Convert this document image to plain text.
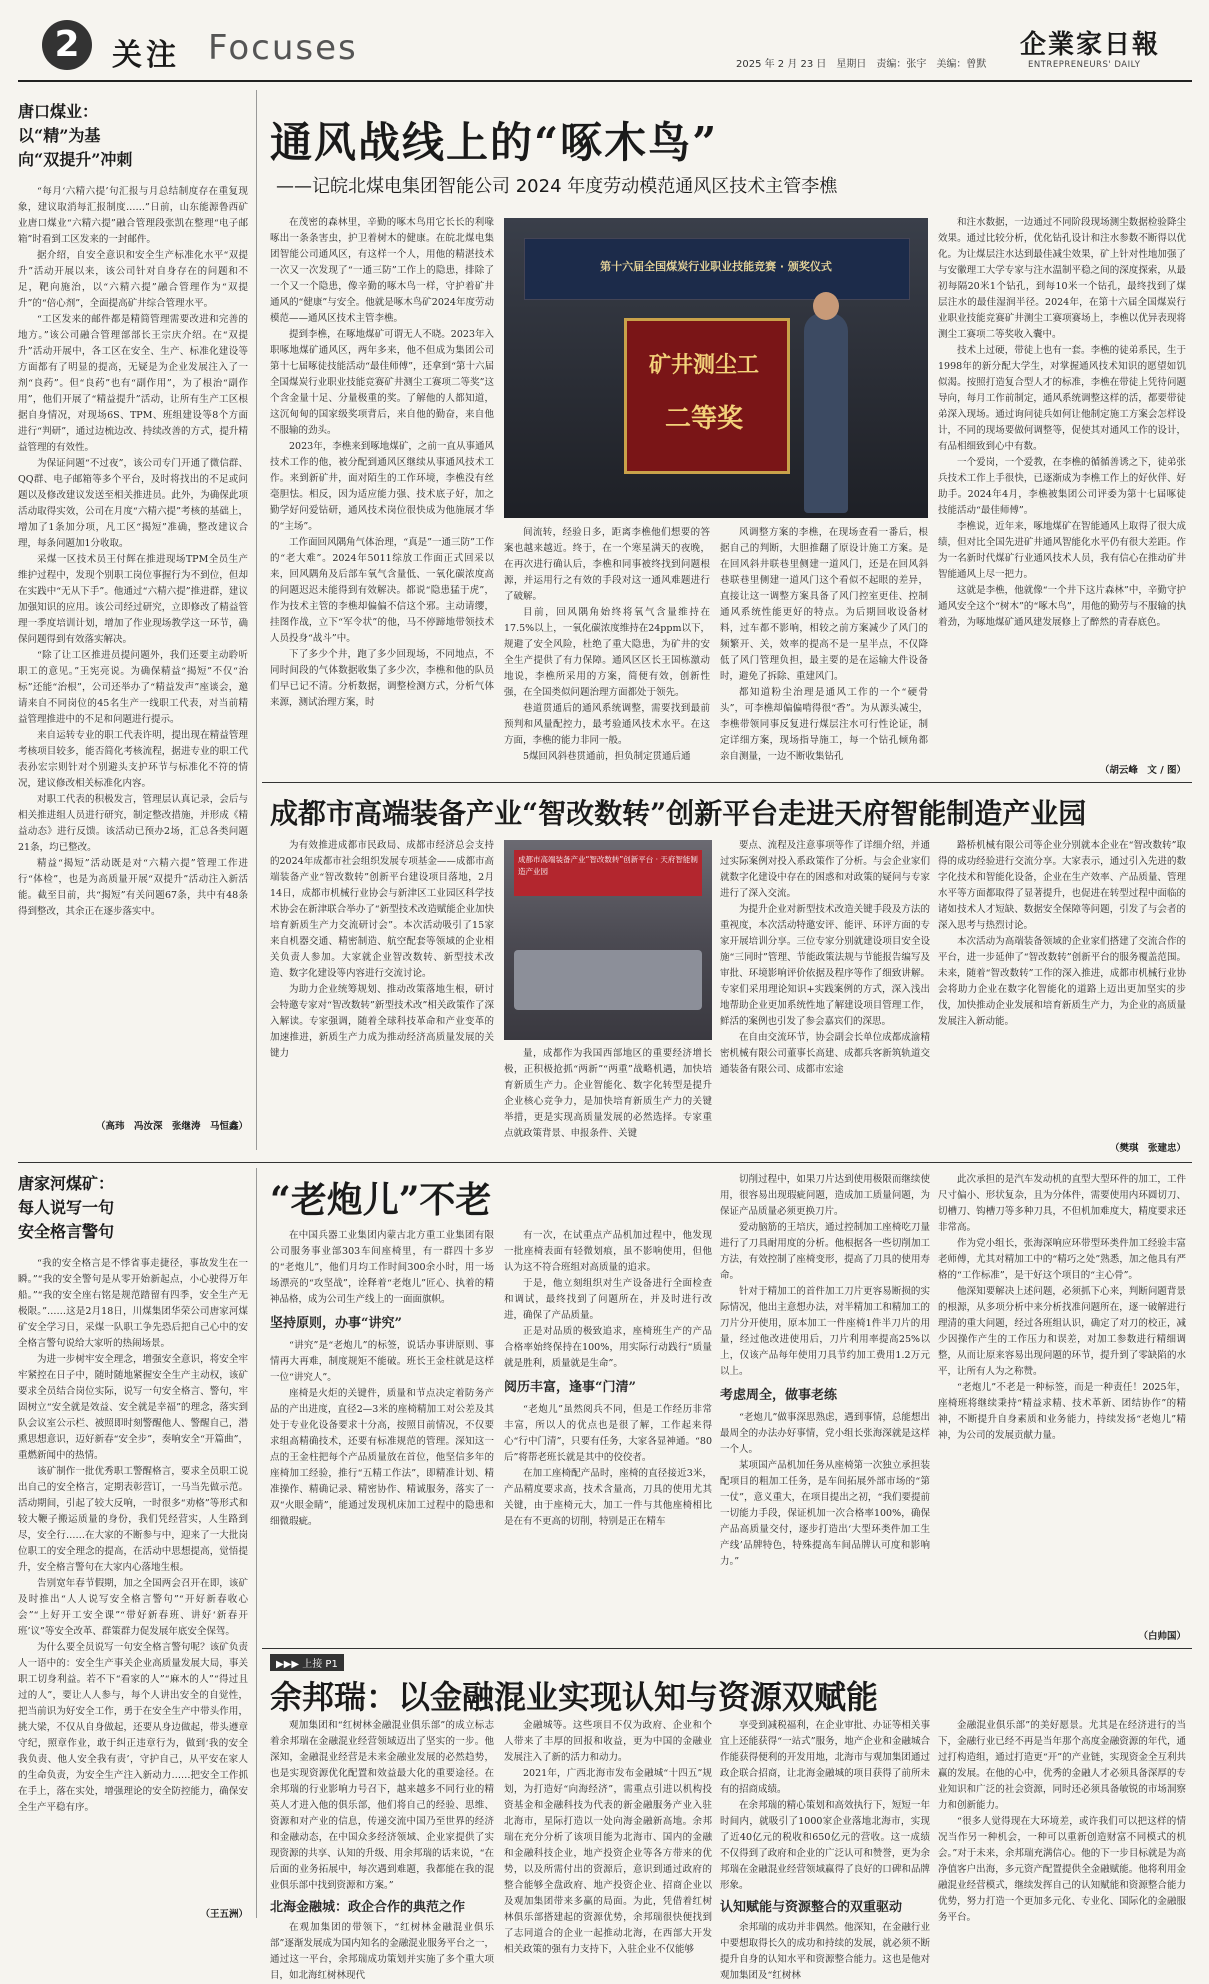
2	关注 Focuses	2025 年 2 月 23 日　星期日　责编：张宇　美编：曾默
企業家日報
ENTREPRENEURS' DAILY
唐口煤业：
以“精”为基
向“双提升”冲刺

“每月‘六精六提’句汇报与月总结制度存在重复现象，建议取消每汇报制度……”日前，山东能源鲁西矿业唐口煤业“六精六提”融合管理段张凯在整理“电子邮箱”时看到工区发来的一封邮件。

据介绍，自安全意识和安全生产标准化水平“双提升”活动开展以来，该公司针对自身存在的问题和不足，靶向施治，以“六精六提”融合管理作为“双提升”的“倍心剂”，全面提高矿井综合管理水平。

“工区发来的邮件都是精简管理需要改进和完善的地方。”该公司融合管理部部长王宗庆介绍。在“双提升”活动开展中，各工区在安全、生产、标准化建设等方面都有了明显的提高，无疑是为企业发展注入了一剂“良药”。但“良药”也有“副作用”，为了根治“副作用”，他们开展了“精益提升”活动，让所有生产工区根据自身情况，对现场6S、TPM、班组建设等8个方面进行“判研”，通过边梳边改、持续改善的方式，提升精益管理的有效性。

为保证问题“不过夜”，该公司专门开通了微信群、QQ群、电子邮箱等多个平台，及时将找出的不足或问题以及修改建议发送至相关推进员。此外，为确保此项活动取得实效，公司在月度“六精六提”考核的基础上，增加了1条加分项，凡工区“揭短”准确，整改建议合理，每条问题加1分收取。

采煤一区技术员王付辉在推进现场TPM全员生产维护过程中，发现个别职工岗位事握行为不到位，但却在实践中“无从下手”。他通过“六精六提”推进群，建议加强知识的应用。该公司经过研究，立即修改了精益管理一季度培训计划，增加了作业现场教学这一环节，确保问题得到有效落实解决。

“除了让工区推进员提问题外，我们还要主动聆听职工的意见。”王宪亮说。为确保精益“揭短”不仅“治标”还能“治根”，公司还举办了“精益发声”座谈会，邀请来自不同岗位的45名生产一线职工代表，对当前精益管理推进中的不足和问题进行提示。

来自运转专业的职工代表许明，提出现在精益管理考核项目较多，能否简化考核流程，据进专业的职工代表孙宏宗则针对个别避头支护环节与标准化不符的情况，建议修改相关标准化内容。

对职工代表的积极发言，管理层认真记录，会后与相关推进组人员进行研究，制定整改措施，并形成《精益动态》进行反馈。该活动已预办2场，汇总各类问题21条，均已整改。

精益“揭短”活动既是对“六精六提”管理工作进行“体检”，也是为高质量开展“双提升”活动注入新活能。截至目前，共“揭短”有关问题67条，共中有48条得到整改，其余正在逐步落实中。

（高玮　冯汝深　张继涛　马恒鑫）
通风战线上的“啄木鸟”
——记皖北煤电集团智能公司 2024 年度劳动模范通风区技术主管李樵

在茂密的森林里，辛勤的啄木鸟用它长长的利喙啄出一条条害虫，护卫着树木的健康。在皖北煤电集团智能公司通风区，有这样一个人，用他的精湛技术一次又一次发现了“一通三防”工作上的隐患，排除了一个又一个隐患，像辛勤的啄木鸟一样，守护着矿井通风的“健康”与安全。他就是啄木鸟矿2024年度劳动模范——通风区技术主管李樵。

提到李樵，在啄地煤矿可谓无人不晓。2023年入职啄地煤矿通风区，两年多来，他不但成为集团公司第十七届啄徒技能活动“最佳师傅”，还拿到“第十六届全国煤炭行业职业技能竞赛矿井测尘工赛项二等奖”这个含金量十足、分量极重的奖。了解他的人都知道，这沉甸甸的国家级奖项背后，来自他的勤奋，来自他不服输的劲头。

2023年，李樵来到啄地煤矿，之前一直从事通风技术工作的他，被分配到通风区继续从事通风技术工作。来到新矿井，面对陌生的工作环境，李樵没有丝毫胆怯。相反，因为适应能力强、技术底子好，加之勤学好问爱钻研，通风技术岗位很快成为他施展才华的“主场”。

工作面回风隅角气体治理，“真是”一通三防”工作的“老大难”。2024年5011综放工作面正式回采以来，回风隅角及后部车氧气含量低、一氧化碳浓度高的问题迟迟未能得到有效解决。都说“隐患猛于虎”，作为技术主管的李樵却偏偏不信这个邪。主动请缨，挂图作战，立下“军令状”的他，马不停蹄地带领技术人员投身“战斗”中。

下了多少个井，跑了多少回现场，不同地点，不同时间段的气体数据收集了多少次，李樵和他的队员们早已记不清。分析数据，调整检测方式，分析气体来源，测试治理方案，时

第十六届全国煤炭行业职业技能竞赛 · 颁奖仪式
矿井测尘工
二等奖

间流转，经验日多，距离李樵他们想要的答案也越来越近。终于，在一个寒星满天的夜晚，在再次进行确认后，李樵和同事被终找到问题根源，并运用行之有效的手段对这一通风难题进行了破解。

目前，回风隅角始终将氧气含量维持在17.5%以上，一氧化碳浓度维持在24ppm以下，规避了安全风险，杜绝了重大隐患，为矿井的安全生产提供了有力保障。通风区区长王国栋激动地说，李樵所采用的方案，简便有效，创新性强，在全国类似问题治理方面都处于领先。

巷道贯通后的通风系统调整，需要找到最前预判和风量配控力，最考验通风技术水平。在这方面，李樵的能力非同一般。

5煤回风斜巷贯通前，担负制定贯通后通

风调整方案的李樵，在现场查看一番后，根据自己的判断，大胆推翻了原设计施工方案。是在回风斜井联巷里侧建一道风门，还是在回风斜巷联巷里侧建一道风门这个看似不起眼的差异，直接让这一调整方案具备了风门控室更佳、控制通风系统性能更好的特点。为后期回收设备材料，过车都不影响，相较之前方案减少了风门的频繁开、关，效率的提高不是一星半点，不仅降低了风门管理负担，最主要的是在运输大件设备时，避免了拆除、重建风门。

都知道粉尘治理是通风工作的一个“硬骨头”，可李樵却偏偏啃得很“香”。为从源头减尘，李樵带领同事反复进行煤层注水可行性论证，制定详细方案，现场指导施工，每一个钻孔倾角都亲自测量，一边不断收集钻孔

和注水数据，一边通过不同阶段现场测尘数据检验降尘效果。通过比较分析，优化钻孔设计和注水参数不断得以优化。为让煤层注水达到最佳减尘效果，矿上针对性地加强了与安徽理工大学专家与注水温制平稳之间的深度探索，从最初每隔20米1个钻孔，到每10米一个钻孔，最终找到了煤层注水的最佳湿润半径。2024年，在第十六届全国煤炭行业职业技能竞赛矿井测尘工赛项赛场上，李樵以优异表现将测尘工赛项二等奖收入囊中。

技术上过硬，带徒上也有一套。李樵的徒弟系民，生于1998年的新分配大学生，对掌握通风技术知识的愿望如饥似渴。按照打造复合型人才的标准，李樵在带徒上凭待问题导向，每月工作前制定，通风系统调整这样的活，都要带徒弟深入现场。通过询问徒兵如何让他制定施工方案会怎样设计，不同的现场要做何调整等，促使其对通风工作的设计，有品相细致到心中有数。

一个爱岗，一个爱教，在李樵的循循善诱之下，徒弟张兵技术工作上手很快，已逐渐成为李樵工作上的好伙伴、好助手。2024年4月，李樵被集团公司评委为第十七届啄徒技能活动“最佳师傅”。

李樵说，近年来，啄地煤矿在智能通风上取得了很大成绩，但对比全国先进矿井通风智能化水平仍有很大差距。作为一名新时代煤矿行业通风技术人员，我有信心在推动矿井智能通风上尽一把力。

这就是李樵，他就像“一个井下这片森林”中，辛勤守护通风安全这个“树木”的“啄木鸟”，用他的勤劳与不服输的执着劲，为啄地煤矿通风建发展修上了醉然的青春底色。

（胡云峰　文 / 图）
成都市高端装备产业“智改数转”创新平台走进天府智能制造产业园

为有效推进成都市民政局、成都市经济总会支持的2024年成都市社会组织发展专项基金——成都市高端装备产业“智改数转”创新平台建设项目落地，2月14日，成都市机械行业协会与新津区工业园区科学技术协会在新津联合举办了“新型技术改造赋能企业加快培育新质生产力交流研讨会”。本次活动吸引了15家来自机器交通、精密制造、航空配套等领域的企业相关负责人参加。大家就企业智改数转、新型技术改造、数字化建设等内容进行交流讨论。

为助力企业统筹规划、推动改策落地生根，研讨会特邀专家对“智改数转”新型技术改”相关政策作了深入解读。专家强调，随着全球科技革命和产业变革的加速推进，新质生产力成为推动经济高质量发展的关键力

成都市高端装备产业“智改数转”创新平台 · 天府智能制造产业园

量，成都作为我国西部地区的重要经济增长极，正积极抢抓“两新”“两重”战略机遇，加快培育新质生产力。企业智能化、数字化转型是提升企业核心竞争力，是加快培育新质生产力的关键举措，更是实现高质量发展的必然选择。专家重点就政策背景、申报条件、关键

要点、流程及注意事项等作了详细介绍，并通过实际案例对投入系政策作了分析。与会企业家们就数字化建设中存在的困惑和对政策的疑问与专家进行了深入交流。

为提升企业对新型技术改造关键手段及方法的重视度，本次活动特邀安评、能评、环评方面的专家开展培训分享。三位专家分别就建设项目安全设施“三同时”管理、节能政策法规与节能报告编写及审批、环境影响评价依据及程序等作了细致讲解。专家们采用理论知识+实践案例的方式，深入浅出地帮助企业更加系统性地了解建设项目管理工作，鲜活的案例也引发了参会嘉宾们的深思。

在自由交流环节，协会副会长单位成都成渝精密机械有限公司董事长高建、成都兵客新筑轨道交通装备有限公司、成都市宏途

路桥机械有限公司等企业分别就本企业在“智改数转”取得的成功经验进行交流分享。大家表示，通过引入先进的数字化技术和智能化设备，企业在生产效率、产品质量、管理水平等方面都取得了显著提升，也促进在转型过程中面临的诸如技术人才短缺、数据安全保障等问题，引发了与会者的深入思考与热烈讨论。

本次活动为高端装备领域的企业家们搭建了交流合作的平台，进一步延伸了“智改数转”创新平台的服务覆盖范围。未来，随着“智改数转”工作的深入推进，成都市机械行业协会将助力企业在数字化智能化的道路上迈出更加坚实的步伐，加快推动企业发展和培育新质生产力，为企业的高质量发展注入新动能。

（樊琪　张建忠）
唐家河煤矿：
每人说写一句
安全格言警句

“我的安全格言是不悸省事走捷径，事故发生在一瞬。”“我的安全警句是从零开始新起点，小心驶得万年船。”“我的安全座右铭是规范踏留有四季，安全生产无极限。”……这是2月18日，川煤集团华荣公司唐家河煤矿安全学习日，采煤一队职工争先恐后把自己心中的安全格言警句说给大家听的热闹场景。

为进一步树牢安全理念，增强安全意识，将安全牢牢紧控在日子中，随时随地紧握安全生产主动权，该矿要求全员结合岗位实际，说写一句安全格言、警句，牢固树立“安全就是效益、安全就是幸福”的理念，落实到队会议室公示栏、被照即时刻警醒他人、警醒自己，潜熏思想意识，迈好新春“安全步”，奏响安全“开篇曲”，重燃新闻中的热情。

该矿制作一批优秀职工警醒格言，要求全员职工说出自己的安全格言，定期表彰营订，一马当先做示范。活动期间，引起了较大反响，一时很多“劝格”等形式和较大鞭子搬运质量的身份，我们凭经营实，人生路到尽，安全行……在大家的不断参与中，迎来了一大批岗位职工的安全理念的提高，在活动中思想提高，觉悟提升，安全格言警句在大家内心落地生根。

告别宽年春节假期，加之全国两会召开在即，该矿及时推出“人人说写安全格言警句”“开好新春收心会”“上好开工安全课”“带好新春班、讲好‘新春开班’议”等安全改革、群策群力促发展年底安全保驾。

为什么要全员说写一句安全格言警句呢？该矿负责人一语中的：安全生产事关企业高质量发展大局，事关职工切身利益。若不下“看家的人”“麻木的人”“得过且过的人”，要让人人参与，每个人讲出安全的自觉性，把当前识为好安全工作，勇于在安全生产中带头作用，挑大梁，不仅从自身做起，还要从身边做起，带头遵章守纪，照章作业，敢于纠正违章行为，做到‘我的安全我负责、他人安全我有责’，守护自己，从平安在家人的生命负责，为安全生产注入新动力……把安全工作抓在手上，落在实处，增强理论的安全防控能力，确保安全生产平稳有序。

（王五洲）
“老炮儿”不老

在中国兵器工业集团内蒙古北方重工业集团有限公司服务事业部303车间座椅里，有一群四十多岁的“老炮儿”，他们月均工作时间300余小时，用一场场漂亮的“攻坚战”，诠释着“老炮儿”匠心、执着的精神品格，成为公司生产线上的一面面旗帜。

坚持原则，办事“讲究”

“讲究”是“老炮儿”的标签，说话办事讲原则、事情再大再难，制度规矩不能破。班长王金柱就是这样一位“讲究人”。

座椅是火炬的关键件，质量和节点决定着防务产品的产出进度，直径2—3米的座椅精加工对公差及其处于专业化设备要求十分高，按照目前情况，不仅要求组高精确技术，还要有标准规范的管理。深知这一点的王金柱把每个产品质量放在首位，他坚信多年的座椅加工经验，推行“五精工作法”，即精准计划、精准操作、精确记录、精密协作、精诚服务，落实了一双“火眼金睛”，能通过发现机床加工过程中的隐患和细微瑕疵。

有一次，在试重点产品机加过程中，他发现一批座椅表面有轻微划痕，虽不影响使用，但他认为这不符合班组对高质量的追求。

于是，他立刻组织对生产设备进行全面检查和调试，最终找到了问题所在，并及时进行改进，确保了产品质量。

正是对品质的极致追求，座椅班生产的产品合格率始终保持在100%，用实际行动践行“质量就是胜利，质量就是生命”。

阅历丰富，逢事“门清”

“老炮儿”虽然阅兵不同，但是工作经历非常丰富，所以人的优点也是很了解，工作起来得心“行中门清”，只要有任务，大家各显神通。“80后”将帮老班长就是其中的佼佼者。

在加工座椅配产品时，座椅的直径接近3米，产品精度要求高，技术含量高，刀具的使用尤其关键，由于座椅元大，加工一件与其他座椅相比是在有不更高的切削，特别是正在精车

切削过程中，如果刀片达到使用极限而继续使用，很容易出现瑕疵问题，造成加工质量问题，为保证产品质量必须更换刀片。

爱动脑筋的王培庆，通过控制加工座椅吃刀量进行了刀具耐用度的分析。他根据各一些切削加工方法，有效控制了座椅变形，提高了刀具的使用寿命。

针对于精加工的首件加工刀片更容易断损的实际情况，他出主意想办法，对半精加工和精加工的刀片分开使用，原本加工一件座椅1件半刀片的用量，经过他改进使用后，刀片利用率提高25%以上，仅该产品每年使用刀具节约加工费用1.2万元以上。

考虑周全，做事老练

“老炮儿”做事深思熟虑，遇到事情，总能想出最周全的办法办好事情，党小组长张海深就是这样一个人。

某项国产品机加任务从座椅第一次独立承担装配项目的粗加工任务，是车间拓展外部市场的“第一仗”，意义重大，在项目提出之初，“我们要提前一切能力手段，保证机加一次合格率100%，确保产品高质量交付，逐步打造出‘大型环类件加工生产线’品牌特色，特殊提高车间品牌认可度和影响力。”

此次承担的是汽车发动机的直型大型环件的加工，工件尺寸偏小、形状复杂，且为分体件，需要使用内环圆切刀、切槽刀、钩槽刀等多种刀具，不但机加难度大，精度要求还非常高。

作为党小组长，张海深响应环带型环类件加工经验丰富老师傅，尤其对精加工中的“精巧之处”熟悉，加之他具有严格的“工作标准”，是干好这个项目的“主心骨”。

他深知要解决上述问题，必须抓下心来，判断问题背景的根源，从多项分析中来分析找准问题所在，逐一破解进行理清的重大问题，经过各班组认识，确定了对刀的校正，减少因操作产生的工作压力和误差，对加工参数进行精细调整，从而让原来容易出现问题的环节，提升到了零缺陷的水平，让所有人为之称赞。

“老炮儿”不老是一种标签，而是一种责任！2025年，座椅班将继续秉持“精益求精、技术革新、团结协作”的精神，不断提升自身素质和业务能力，持续发扬“老炮儿”精神，为公司的发展贡献力量。

（白帅国）
▶▶▶ 上接 P1
余邦瑞：以金融混业实现认知与资源双赋能

观加集团和“红树林金融混业俱乐部”的成立标志着余邦瑞在金融混业经营领域迈出了坚实的一步。他深知，金融混业经营是未来金融业发展的必然趋势，也是实现资源优化配置和效益最大化的重要途径。在余邦瑞的行业影响力号召下，越来越多不同行业的精英人才进入他的俱乐部，他们将自己的经验、思维、资源和对产业的信息，传递交流中国乃至世界的经济和金融动态，在中国众多经济领域、企业家提供了实现资源的共享、认知的升级、用余邦瑞的话来说，“在后面的业务拓展中，每次遇到难题，我都能在我的混业俱乐部中找到资源和方案。”

北海金融城：政企合作的典范之作

在观加集团的带领下，“红树林金融混业俱乐部”逐渐发展成为国内知名的金融混业服务平台之一，通过这一平台，余邦瑞成功策划并实施了多个重大项目，如北海红树林现代

金融城等。这些项目不仅为政府、企业和个人带来了丰厚的回报和收益，更为中国的金融业发展注入了新的活力和动力。

2021年，广西北海市发布金融城“十四五”规划，为打造好“向海经济”，需重点引进以机构投资基金和金融科技为代表的新金融服务产业入驻北海市，星际打造以一处向海金融新高地。余邦瑞在充分分析了该项目能为北海市、国内的金融和金融科技企业，地产投资企业等各方带来的优势，以及所需付出的资源后，意识到通过政府的整合能够全盘政府、地产投资企业、招商企业以及观加集团带来多赢的局面。为此，凭借着红树林俱乐部搭建起的资源优势，余邦瑞很快便找到了志同道合的企业一起推动北海，在西部大开发相关政策的强有力支持下，入驻企业不仅能够

享受到减税福利，在企业审批、办证等相关事宜上还能获得“一站式”服务，地产企业和金融城合作能获得便利的开发用地，北海市与观加集团通过政企联合招商，让北海金融城的项目获得了前所未有的招商成绩。

在余邦瑞的精心策划和高效执行下，短短一年时间内，就吸引了1000家企业落地北海市，实现了近40亿元的税收和650亿元的营收。这一成绩不仅得到了政府和企业的广泛认可和赞誉，更为余邦瑞在金融混业经营领域赢得了良好的口碑和品牌形象。

认知赋能与资源整合的双重驱动

余邦瑞的成功并非偶然。他深知，在金融行业中要想取得长久的成功和持续的发展，就必须不断提升自身的认知水平和资源整合能力。这也是他对观加集团及“红树林

金融混业俱乐部”的美好愿景。尤其是在经济进行的当下，金融行业已经不再是当年那个高度金融资源的年代，通过打构造组，通过打造更“开”的产业链，实现资金全互利共赢的发展。在他的心中，优秀的金融人才必须具备深厚的专业知识和广泛的社会资源，同时还必须具备敏锐的市场洞察力和创新能力。

“很多人觉得现在大环境差，或许我们可以把这样的情况当作另一种机会，一种可以重新创造财富不同模式的机会。”对于未来，余邦瑞充满信心。他的下一步目标就是为高净值客户出海，多元资产配置提供全金融赋能。他将利用金融混业经营模式，继续发挥自己的认知赋能和资源整合能力优势，努力打造一个更加多元化、专业化、国际化的金融服务平台。
